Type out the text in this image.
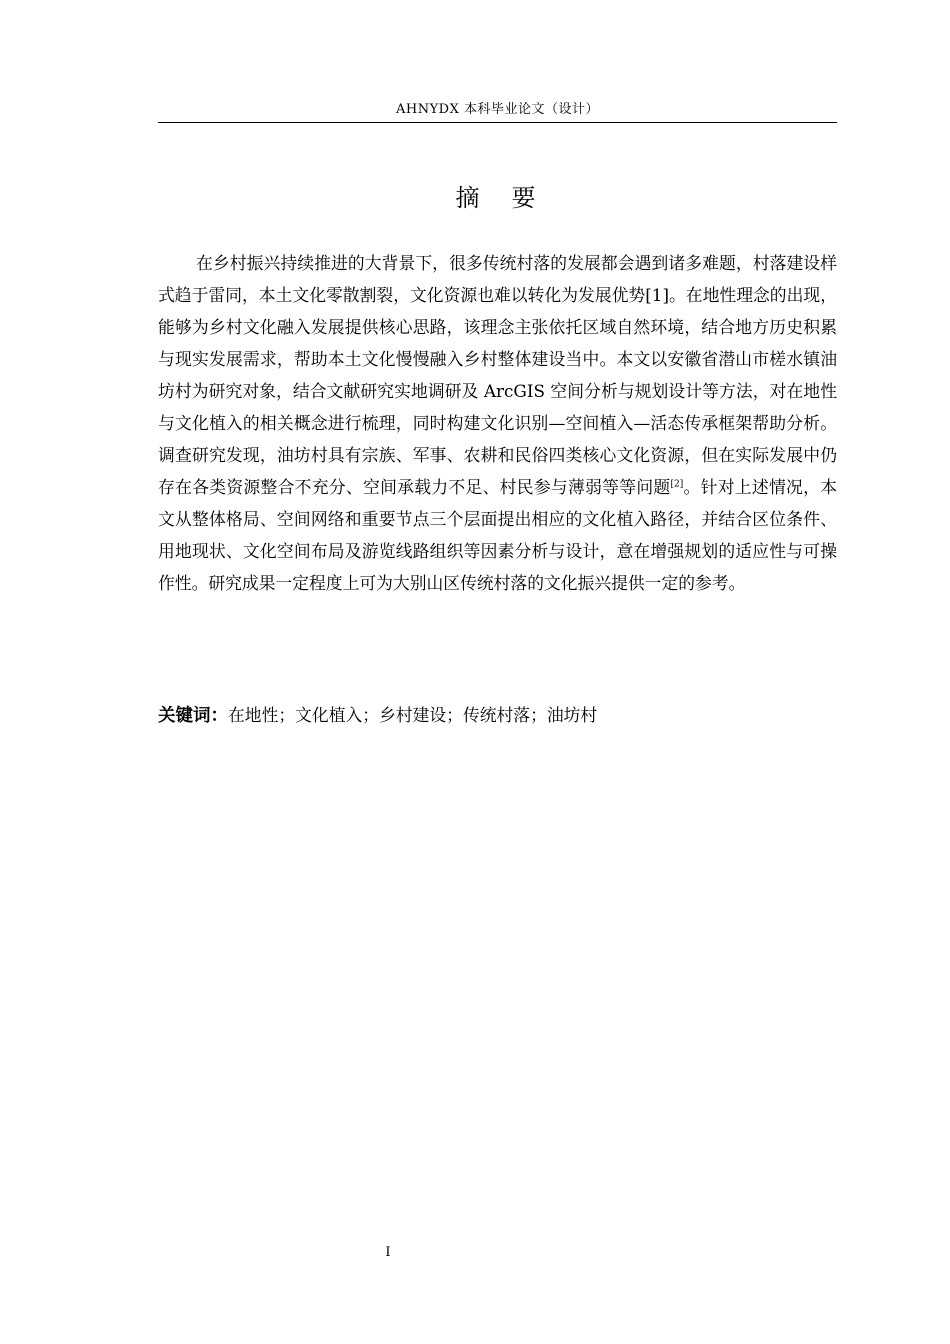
AHNYDX 本科毕业论文（设计）
摘　要

在乡村振兴持续推进的大背景下，很多传统村落的发展都会遇到诸多难题，村落建设样式趋于雷同，本土文化零散割裂，文化资源也难以转化为发展优势[1]。在地性理念的出现，能够为乡村文化融入发展提供核心思路，该理念主张依托区域自然环境，结合地方历史积累与现实发展需求，帮助本土文化慢慢融入乡村整体建设当中。本文以安徽省潜山市槎水镇油坊村为研究对象，结合文献研究实地调研及 ArcGIS 空间分析与规划设计等方法，对在地性与文化植入的相关概念进行梳理，同时构建文化识别—空间植入—活态传承框架帮助分析。调查研究发现，油坊村具有宗族、军事、农耕和民俗四类核心文化资源，但在实际发展中仍存在各类资源整合不充分、空间承载力不足、村民参与薄弱等等问题[2]。针对上述情况，本文从整体格局、空间网络和重要节点三个层面提出相应的文化植入路径，并结合区位条件、用地现状、文化空间布局及游览线路组织等因素分析与设计，意在增强规划的适应性与可操作性。研究成果一定程度上可为大别山区传统村落的文化振兴提供一定的参考。

关键词：在地性；文化植入；乡村建设；传统村落；油坊村
I
